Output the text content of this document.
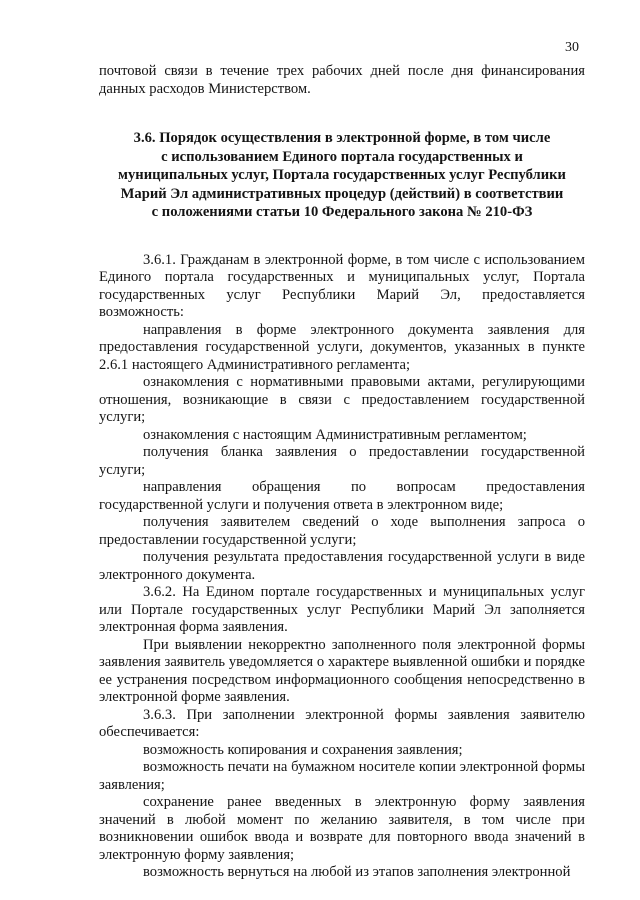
30

почтовой связи в течение трех рабочих дней после дня финансирования данных расходов Министерством.

3.6. Порядок осуществления в электронной форме, в том числе
с использованием Единого портала государственных и
муниципальных услуг, Портала государственных услуг Республики
Марий Эл административных процедур (действий) в соответствии
с положениями статьи 10 Федерального закона № 210-ФЗ

3.6.1. Гражданам в электронной форме, в том числе с использованием Единого портала государственных и муниципальных услуг, Портала государственных услуг Республики Марий Эл, предоставляется возможность:

направления в форме электронного документа заявления для предоставления государственной услуги, документов, указанных в пункте 2.6.1 настоящего Административного регламента;

ознакомления с нормативными правовыми актами, регулирующими отношения, возникающие в связи с предоставлением государственной услуги;

ознакомления с настоящим Административным регламентом;

получения бланка заявления о предоставлении государственной услуги;

направления обращения по вопросам предоставления государственной услуги и получения ответа в электронном виде;

получения заявителем сведений о ходе выполнения запроса о предоставлении государственной услуги;

получения результата предоставления государственной услуги в виде электронного документа.

3.6.2. На Едином портале государственных и муниципальных услуг или Портале государственных услуг Республики Марий Эл заполняется электронная форма заявления.

При выявлении некорректно заполненного поля электронной формы заявления заявитель уведомляется о характере выявленной ошибки и порядке ее устранения посредством информационного сообщения непосредственно в электронной форме заявления.

3.6.3. При заполнении электронной формы заявления заявителю обеспечивается:

возможность копирования и сохранения заявления;

возможность печати на бумажном носителе копии электронной формы заявления;

сохранение ранее введенных в электронную форму заявления значений в любой момент по желанию заявителя, в том числе при возникновении ошибок ввода и возврате для повторного ввода значений в электронную форму заявления;

возможность вернуться на любой из этапов заполнения электронной
